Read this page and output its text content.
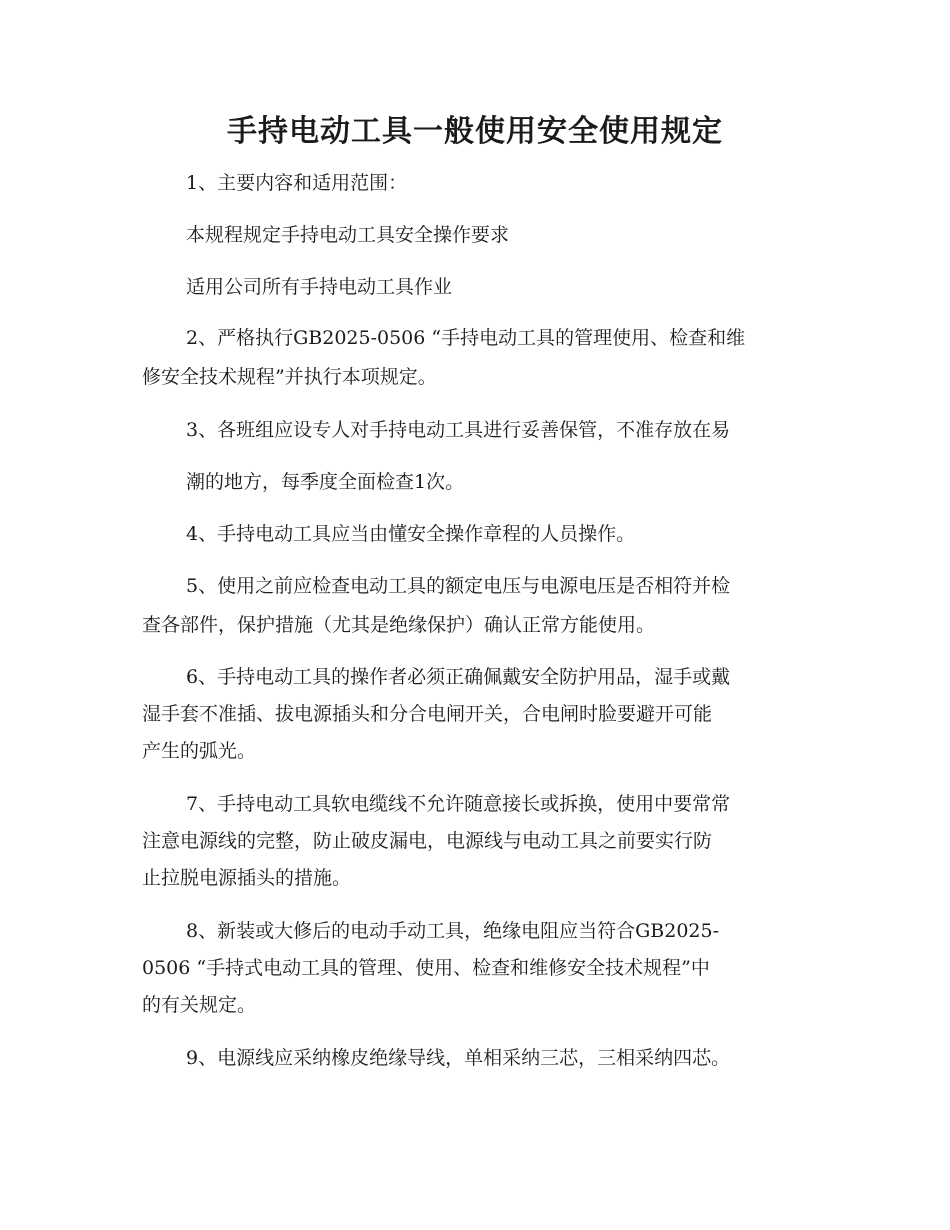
手持电动工具一般使用安全使用规定

1、主要内容和适用范围：

本规程规定手持电动工具安全操作要求

适用公司所有手持电动工具作业

2、严格执行GB2025-0506 “手持电动工具的管理使用、检查和维

修安全技术规程”并执行本项规定。

3、各班组应设专人对手持电动工具进行妥善保管，不准存放在易

潮的地方，每季度全面检查1次。

4、手持电动工具应当由懂安全操作章程的人员操作。

5、使用之前应检查电动工具的额定电压与电源电压是否相符并检

查各部件，保护措施（尤其是绝缘保护）确认正常方能使用。

6、手持电动工具的操作者必须正确佩戴安全防护用品，湿手或戴

湿手套不准插、拔电源插头和分合电闸开关，合电闸时脸要避开可能

产生的弧光。

7、手持电动工具软电缆线不允许随意接长或拆换，使用中要常常

注意电源线的完整，防止破皮漏电，电源线与电动工具之前要实行防

止拉脱电源插头的措施。

8、新装或大修后的电动手动工具，绝缘电阻应当符合GB2025-

0506 “手持式电动工具的管理、使用、检查和维修安全技术规程”中

的有关规定。

9、电源线应采纳橡皮绝缘导线，单相采纳三芯，三相采纳四芯。
